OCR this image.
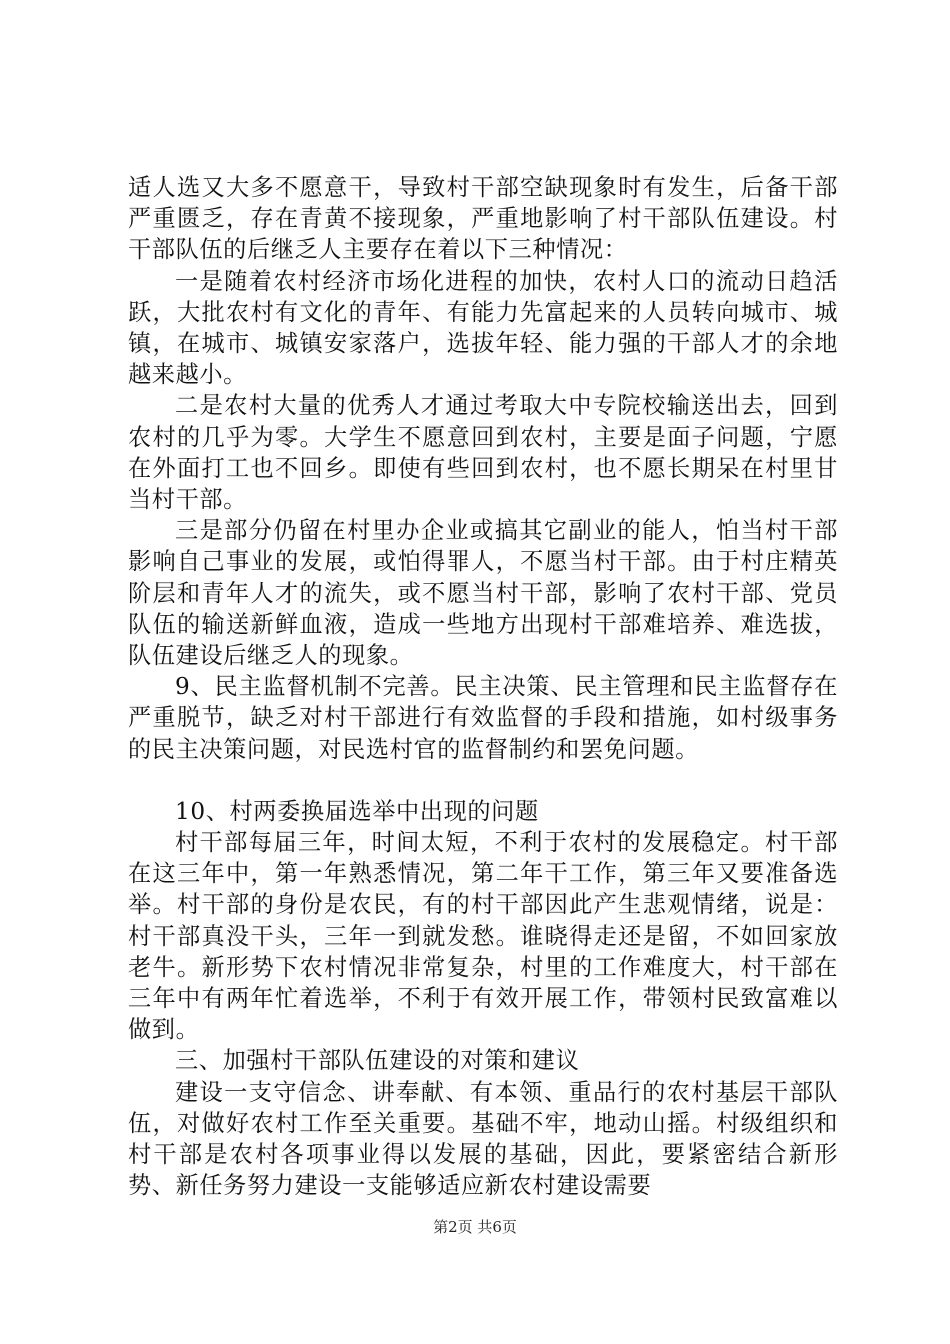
适人选又大多不愿意干，导致村干部空缺现象时有发生，后备干部严重匮乏，存在青黄不接现象，严重地影响了村干部队伍建设。村干部队伍的后继乏人主要存在着以下三种情况：

一是随着农村经济市场化进程的加快，农村人口的流动日趋活跃，大批农村有文化的青年、有能力先富起来的人员转向城市、城镇，在城市、城镇安家落户，选拔年轻、能力强的干部人才的余地越来越小。

二是农村大量的优秀人才通过考取大中专院校输送出去，回到农村的几乎为零。大学生不愿意回到农村，主要是面子问题，宁愿在外面打工也不回乡。即使有些回到农村，也不愿长期呆在村里甘当村干部。

三是部分仍留在村里办企业或搞其它副业的能人，怕当村干部影响自己事业的发展，或怕得罪人，不愿当村干部。由于村庄精英阶层和青年人才的流失，或不愿当村干部，影响了农村干部、党员队伍的输送新鲜血液，造成一些地方出现村干部难培养、难选拔，队伍建设后继乏人的现象。

9、民主监督机制不完善。民主决策、民主管理和民主监督存在严重脱节，缺乏对村干部进行有效监督的手段和措施，如村级事务的民主决策问题，对民选村官的监督制约和罢免问题。

10、村两委换届选举中出现的问题

村干部每届三年，时间太短，不利于农村的发展稳定。村干部在这三年中，第一年熟悉情况，第二年干工作，第三年又要准备选举。村干部的身份是农民，有的村干部因此产生悲观情绪，说是：村干部真没干头，三年一到就发愁。谁晓得走还是留，不如回家放老牛。新形势下农村情况非常复杂，村里的工作难度大，村干部在三年中有两年忙着选举，不利于有效开展工作，带领村民致富难以做到。

三、加强村干部队伍建设的对策和建议

建设一支守信念、讲奉献、有本领、重品行的农村基层干部队伍，对做好农村工作至关重要。基础不牢，地动山摇。村级组织和村干部是农村各项事业得以发展的基础，因此，要紧密结合新形势、新任务努力建设一支能够适应新农村建设需要

第2页 共6页
